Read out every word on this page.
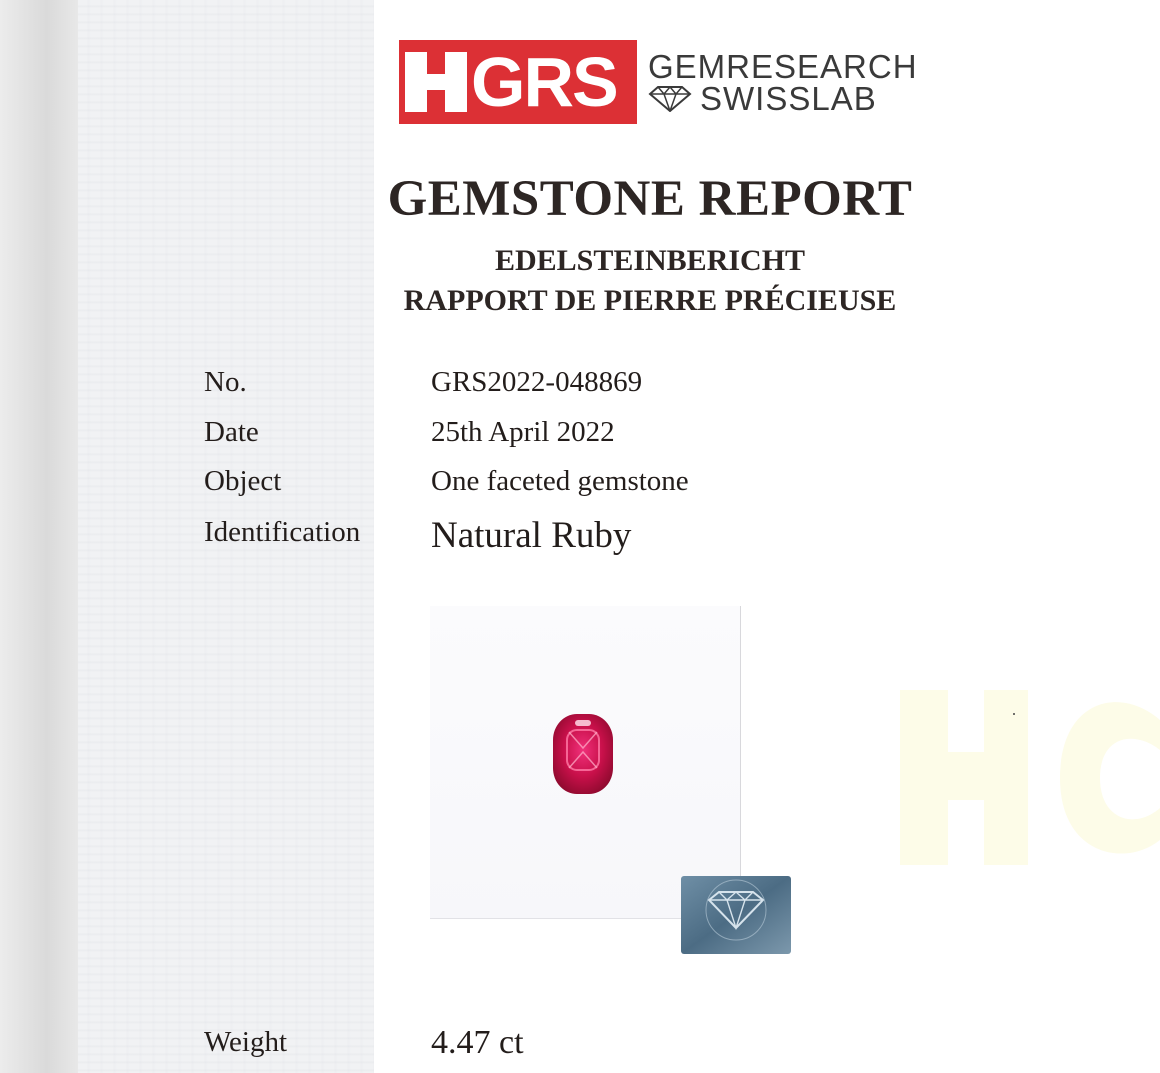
GRS GEMRESEARCH
SWISSLAB
GEMSTONE REPORT
EDELSTEINBERICHT
RAPPORT DE PIERRE PRÉCIEUSE
No.	GRS2022-048869
Date	25th April 2022
Object	One faceted gemstone
Identification Natural Ruby
Weight	4.47 ct
